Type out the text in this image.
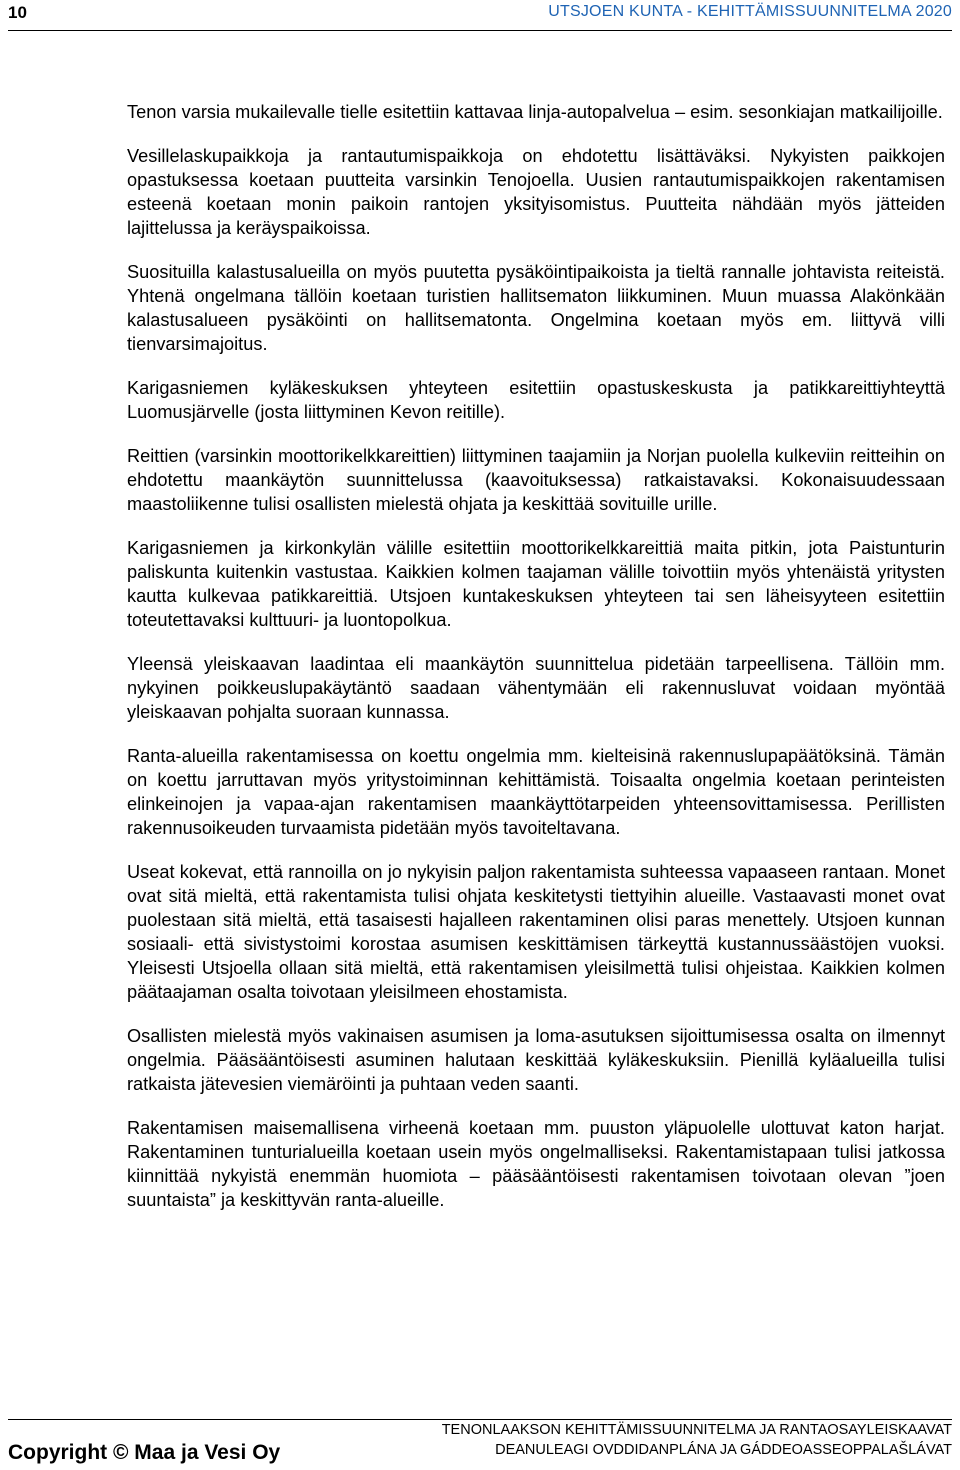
10	UTSJOEN KUNTA - KEHITTÄMISSUUNNITELMA 2020

Tenon varsia mukailevalle tielle esitettiin kattavaa linja-autopalvelua – esim. sesonkiajan matkailijoille.

Vesillelaskupaikkoja ja rantautumispaikkoja on ehdotettu lisättäväksi. Nykyisten paikkojen opastuksessa koetaan puutteita varsinkin Tenojoella. Uusien rantautumispaikkojen rakentamisen esteenä koetaan monin paikoin rantojen yksityisomistus. Puutteita nähdään myös jätteiden lajittelussa ja keräyspaikoissa.

Suosituilla kalastusalueilla on myös puutetta pysäköintipaikoista ja tieltä rannalle johtavista reiteistä. Yhtenä ongelmana tällöin koetaan turistien hallitsematon liikkuminen. Muun muassa Alakönkään kalastusalueen pysäköinti on hallitsematonta. Ongelmina koetaan myös em. liittyvä villi tienvarsimajoitus.

Karigasniemen kyläkeskuksen yhteyteen esitettiin opastuskeskusta ja patikkareittiyhteyttä Luomusjärvelle (josta liittyminen Kevon reitille).

Reittien (varsinkin moottorikelkkareittien) liittyminen taajamiin ja Norjan puolella kulkeviin reitteihin on ehdotettu maankäytön suunnittelussa (kaavoituksessa) ratkaistavaksi. Kokonaisuudessaan maastoliikenne tulisi osallisten mielestä ohjata ja keskittää sovituille urille.

Karigasniemen ja kirkonkylän välille esitettiin moottorikelkkareittiä maita pitkin, jota Paistunturin paliskunta kuitenkin vastustaa. Kaikkien kolmen taajaman välille toivottiin myös yhtenäistä yritysten kautta kulkevaa patikkareittiä. Utsjoen kuntakeskuksen yhteyteen tai sen läheisyyteen esitettiin toteutettavaksi kulttuuri- ja luontopolkua.

Yleensä yleiskaavan laadintaa eli maankäytön suunnittelua pidetään tarpeellisena. Tällöin mm. nykyinen poikkeuslupakäytäntö saadaan vähentymään eli rakennusluvat voidaan myöntää yleiskaavan pohjalta suoraan kunnassa.

Ranta-alueilla rakentamisessa on koettu ongelmia mm. kielteisinä rakennuslupapäätöksinä. Tämän on koettu jarruttavan myös yritystoiminnan kehittämistä. Toisaalta ongelmia koetaan perinteisten elinkeinojen ja vapaa-ajan rakentamisen maankäyttötarpeiden yhteensovittamisessa. Perillisten rakennusoikeuden turvaamista pidetään myös tavoiteltavana.

Useat kokevat, että rannoilla on jo nykyisin paljon rakentamista suhteessa vapaaseen rantaan. Monet ovat sitä mieltä, että rakentamista tulisi ohjata keskitetysti tiettyihin alueille. Vastaavasti monet ovat puolestaan sitä mieltä, että tasaisesti hajalleen rakentaminen olisi paras menettely. Utsjoen kunnan sosiaali- että sivistystoimi korostaa asumisen keskittämisen tärkeyttä kustannussäästöjen vuoksi. Yleisesti Utsjoella ollaan sitä mieltä, että rakentamisen yleisilmettä tulisi ohjeistaa. Kaikkien kolmen päätaajaman osalta toivotaan yleisilmeen ehostamista.

Osallisten mielestä myös vakinaisen asumisen ja loma-asutuksen sijoittumisessa osalta on ilmennyt ongelmia. Pääsääntöisesti asuminen halutaan keskittää kyläkeskuksiin. Pienillä kyläalueilla tulisi ratkaista jätevesien viemäröinti ja puhtaan veden saanti.

Rakentamisen maisemallisena virheenä koetaan mm. puuston yläpuolelle ulottuvat katon harjat. Rakentaminen tunturialueilla koetaan usein myös ongelmalliseksi. Rakentamistapaan tulisi jatkossa kiinnittää nykyistä enemmän huomiota – pääsääntöisesti rakentamisen toivotaan olevan ”joen suuntaista” ja keskittyvän ranta-alueille.

Copyright © Maa ja Vesi Oy
TENONLAAKSON KEHITTÄMISSUUNNITELMA JA RANTAOSAYLEISKAAVAT
DEANULEAGI OVDDIDANPLÁNA JA GÁDDEOASSEOPPALAŠLÁVAT
